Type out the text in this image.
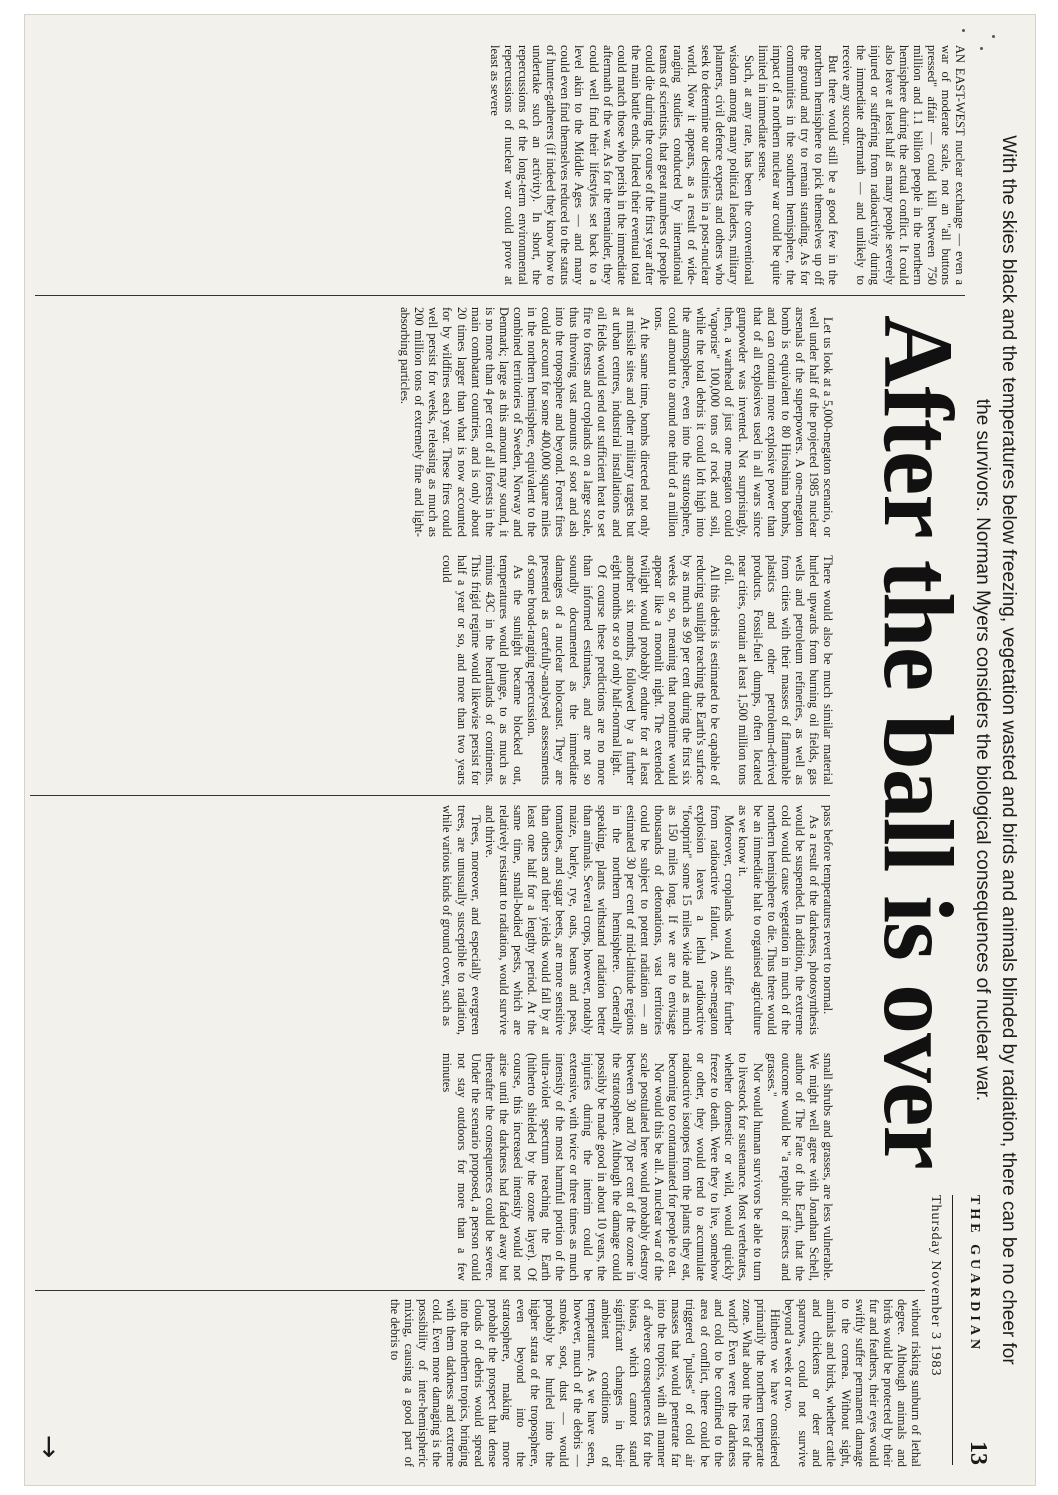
With the skies black and the temperatures below freezing, vegetation wasted and birds and animals blinded by radiation, there can be no cheer for the survivors. Norman Myers considers the biological consequences of nuclear war.
After the ball is over
THE GUARDIAN
13
Thursday November 3 1983

AN EAST-WEST nuclear exchange — even a war of moderate scale, not an "all buttons pressed" affair — could kill between 750 million and 1.1 billion people in the northern hemisphere during the actual conflict. It could also leave at least half as many people severely injured or suffering from radioactivity during the immediate aftermath — and unlikely to receive any succour.

But there would still be a good few in the northern hemisphere to pick themselves up off the ground and try to remain standing. As for communities in the southern hemisphere, the impact of a northern nuclear war could be quite limited in immediate sense.

Such, at any rate, has been the conventional wisdom among many political leaders, military planners, civil defence experts and others who seek to determine our destinies in a post-nuclear world. Now it appears, as a result of wide-ranging studies conducted by international teams of scientists, that great numbers of people could die during the course of the first year after the main battle ends. Indeed their eventual total could match those who perish in the immediate aftermath of the war. As for the remainder, they could well find their lifestyles set back to a level akin to the Middle Ages — and many could even find themselves reduced to the status of hunter-gatherers (if indeed they know how to undertake such an activity). In short, the repercussions of the long-term environmental repercussions of nuclear war could prove at least as severe

Let us look at a 5,000-megaton scenario, or well under half of the projected 1985 nuclear arsenals of the superpowers. A one-megaton bomb is equivalent to 80 Hiroshima bombs, and can contain more explosive power than that of all explosives used in all wars since gunpowder was invented. Not surprisingly, then, a warhead of just one megaton could "vaporise" 100,000 tons of rock and soil, while the total debris it could loft high into the atmosphere, even into the stratosphere, could amount to around one third of a million tons.

At the same time, bombs directed not only at missile sites and other military targets but at urban centres, industrial installations and oil fields would send out sufficient heat to set fire to forests and croplands on a large scale, thus throwing vast amounts of soot and ash into the troposphere and beyond. Forest fires could account for some 400,000 square miles in the northern hemisphere, equivalent to the combined territories of Sweden, Norway and Denmark; large as this amount may sound, it is no more than 4 per cent of all forests in the main combatant countries, and is only about 20 times larger than what is now accounted for by wildfires each year. These fires could well persist for weeks, releasing as much as 200 million tons of extremely fine and light-absorbing particles.

There would also be much similar material hurled upwards from burning oil fields, gas wells and petroleum refineries, as well as from cities with their masses of flammable plastics and other petroleum-derived products. Fossil-fuel dumps, often located near cities, contain at least 1,500 million tons of oil.

All this debris is estimated to be capable of reducing sunlight reaching the Earth's surface by as much as 99 per cent during the first six weeks or so, meaning that noontime would appear like a moonlit night. The extended twilight would probably endure for at least another six months, followed by a further eight months or so of only half-normal light.

Of course these predictions are no more than informed estimates, and are not so soundly documented as the immediate damages of a nuclear holocaust. They are presented as carefully-analysed assessments of some broad-ranging repercussion.

As the sunlight became blocked out, temperatures would plunge, to as much as minus 43C in the heartlands of continents. This frigid regime would likewise persist for half a year or so, and more than two years could

pass before temperatures revert to normal.

As a result of the darkness, photosynthesis would be suspended. In addition, the extreme cold would cause vegetation in much of the northern hemisphere to die. Thus there would be an immediate halt to organised agriculture as we know it.

Moreover, croplands would suffer further from radioactive fallout. A one-megaton explosion leaves a lethal radioactive "footprint" some 15 miles wide and as much as 150 miles long. If we are to envisage thousands of detonations, vast territories could be subject to potent radiation — an estimated 30 per cent of mid-latitude regions in the northern hemisphere. Generally speaking, plants withstand radiation better than animals. Several crops, however, notably maize, barley, rye, oats, beans and peas, tomatoes, and sugar beets, are more sensitive than others and their yields would fall by at least one half for a lengthy period. At the same time, small-bodied pests, which are relatively resistant to radiation, would survive and thrive.

Trees, moreover, and especially evergreen trees, are unusually susceptible to radiation, while various kinds of ground cover, such as

small shrubs and grasses, are less vulnerable. We might well agree with Jonathan Schell, author of The Fate of the Earth, that the outcome would be "a republic of insects and grasses."

Nor would human survivors be able to turn to livestock for sustenance. Most vertebrates, whether domestic or wild, would quickly freeze to death. Were they to live, somehow or other, they would tend to accumulate radioactive isotopes from the plants they eat, becoming too contaminated for people to eat.

Nor would this be all. A nuclear war of the scale postulated here would probably destroy between 30 and 70 per cent of the ozone in the stratosphere. Although the damage could possibly be made good in about 10 years, the injuries during the interim could be extensive, with twice or three times as much intensity of the most harmful portion of the ultra-violet spectrum reaching the Earth (hitherto shielded by the ozone layer). Of course, this increased intensity would not arise until the darkness had faded away but thereafter the consequences could be severe. Under the scenario proposed, a person could not stay outdoors for more than a few minutes

without risking sunburn of lethal degree. Although animals and birds would be protected by their fur and feathers, their eyes would swiftly suffer permanent damage to the cornea. Without sight, animals and birds, whether cattle and chickens or deer and sparrows, could not survive beyond a week or two.

Hitherto we have considered primarily the northern temperate zone. What about the rest of the world? Even were the darkness and cold to be confined to the area of conflict, there could be triggered "pulses" of cold air masses that would penetrate far into the tropics, with all manner of adverse consequences for the biotas, which cannot stand significant changes in their ambient conditions of temperature. As we have seen, however, much of the debris — smoke, soot, dust — would probably be hurled into the higher strata of the troposphere, even beyond into the stratosphere, making more probable the prospect that dense clouds of debris would spread into the northern tropics, bringing with them darkness and extreme cold. Even more damaging is the possibility of inter-hemispheric mixing, causing a good part of the debris to

→
